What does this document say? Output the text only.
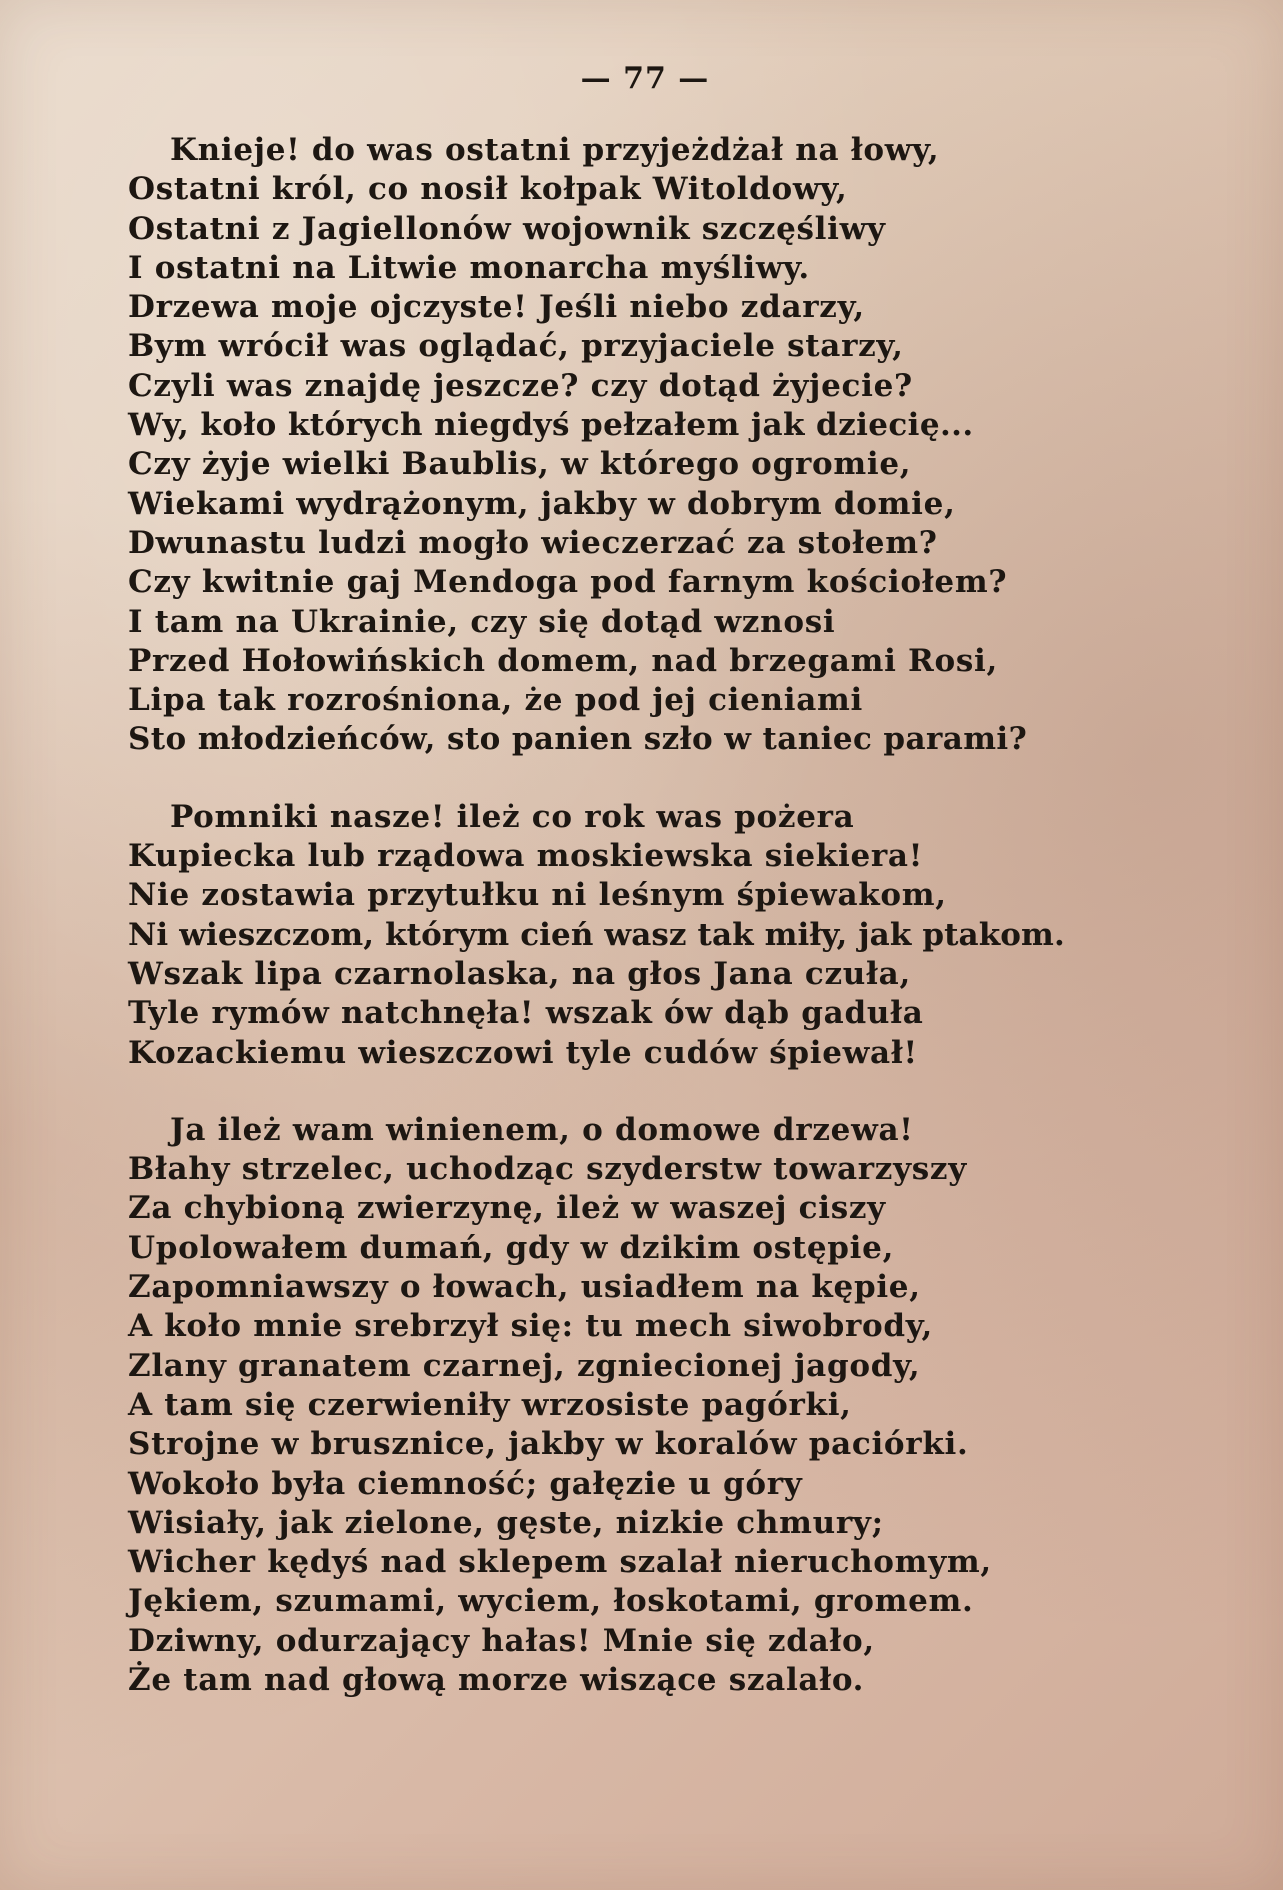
— 77 —
Knieje! do was ostatni przyjeżdżał na łowy,
Ostatni król, co nosił kołpak Witoldowy,
Ostatni z Jagiellonów wojownik szczęśliwy
I ostatni na Litwie monarcha myśliwy.
Drzewa moje ojczyste! Jeśli niebo zdarzy,
Bym wrócił was oglądać, przyjaciele starzy,
Czyli was znajdę jeszcze? czy dotąd żyjecie?
Wy, koło których niegdyś pełzałem jak dziecię...
Czy żyje wielki Baublis, w którego ogromie,
Wiekami wydrążonym, jakby w dobrym domie,
Dwunastu ludzi mogło wieczerzać za stołem?
Czy kwitnie gaj Mendoga pod farnym kościołem?
I tam na Ukrainie, czy się dotąd wznosi
Przed Hołowińskich domem, nad brzegami Rosi,
Lipa tak rozrośniona, że pod jej cieniami
Sto młodzieńców, sto panien szło w taniec parami?
Pomniki nasze! ileż co rok was pożera
Kupiecka lub rządowa moskiewska siekiera!
Nie zostawia przytułku ni leśnym śpiewakom,
Ni wieszczom, którym cień wasz tak miły, jak ptakom.
Wszak lipa czarnolaska, na głos Jana czuła,
Tyle rymów natchnęła! wszak ów dąb gaduła
Kozackiemu wieszczowi tyle cudów śpiewał!
Ja ileż wam winienem, o domowe drzewa!
Błahy strzelec, uchodząc szyderstw towarzyszy
Za chybioną zwierzynę, ileż w waszej ciszy
Upolowałem dumań, gdy w dzikim ostępie,
Zapomniawszy o łowach, usiadłem na kępie,
A koło mnie srebrzył się: tu mech siwobrody,
Zlany granatem czarnej, zgniecionej jagody,
A tam się czerwieniły wrzosiste pagórki,
Strojne w brusznice, jakby w koralów paciórki.
Wokoło była ciemność; gałęzie u góry
Wisiały, jak zielone, gęste, nizkie chmury;
Wicher kędyś nad sklepem szalał nieruchomym,
Jękiem, szumami, wyciem, łoskotami, gromem.
Dziwny, odurzający hałas! Mnie się zdało,
Że tam nad głową morze wiszące szalało.
